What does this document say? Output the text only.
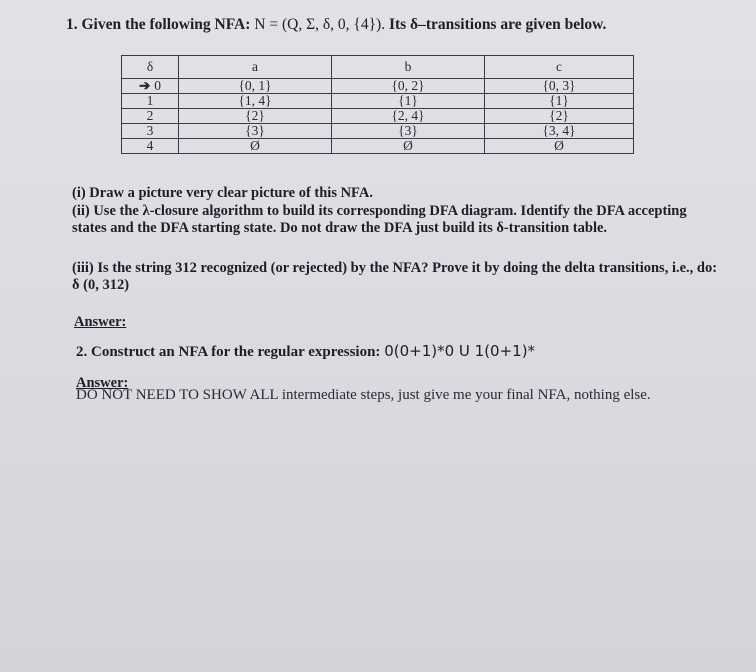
1. Given the following NFA: N = (Q, Σ, δ, 0, {4}). Its δ–transitions are given below.
δ	a	b	c
➔ 0	{0, 1}	{0, 2}	{0, 3}
1	{1, 4}	{1}	{1}
2	{2}	{2, 4}	{2}
3	{3}	{3}	{3, 4}
4	Ø	Ø	Ø
(i) Draw a picture very clear picture of this NFA.
(ii) Use the λ-closure algorithm to build its corresponding DFA diagram. Identify the DFA accepting states and the DFA starting state. Do not draw the DFA just build its δ-transition table.
(iii) Is the string 312 recognized (or rejected) by the NFA? Prove it by doing the delta transitions, i.e., do: δ (0, 312)
Answer:
2. Construct an NFA for the regular expression: 0(0+1)*0 U 1(0+1)*
Answer:
DO NOT NEED TO SHOW ALL intermediate steps, just give me your final NFA, nothing else.
